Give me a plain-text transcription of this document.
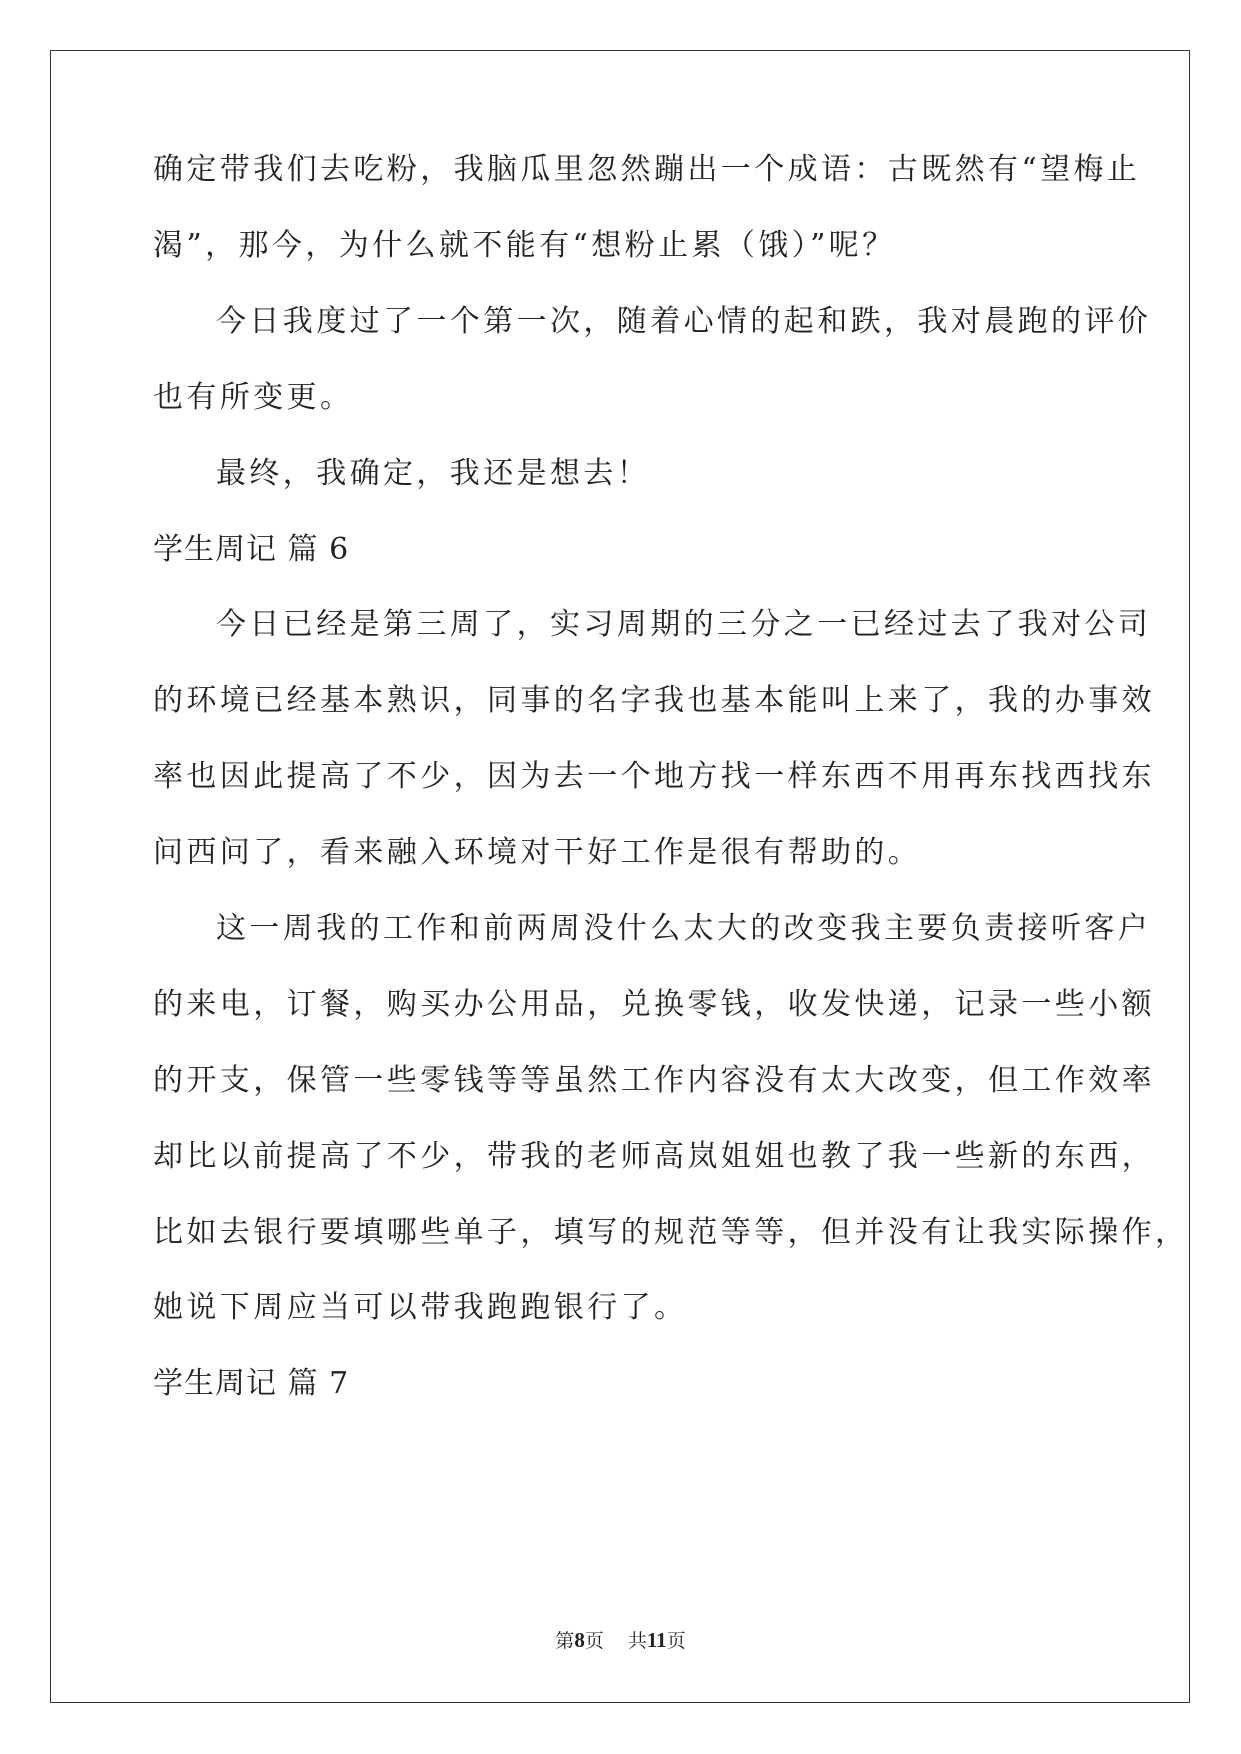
确定带我们去吃粉，我脑瓜里忽然蹦出一个成语：古既然有“望梅止
渴”，那今，为什么就不能有“想粉止累（饿）”呢？
今日我度过了一个第一次，随着心情的起和跌，我对晨跑的评价
也有所变更。
最终，我确定，我还是想去！
学生周记 篇 6
今日已经是第三周了，实习周期的三分之一已经过去了我对公司
的环境已经基本熟识，同事的名字我也基本能叫上来了，我的办事效
率也因此提高了不少，因为去一个地方找一样东西不用再东找西找东
问西问了，看来融入环境对干好工作是很有帮助的。
这一周我的工作和前两周没什么太大的改变我主要负责接听客户
的来电，订餐，购买办公用品，兑换零钱，收发快递，记录一些小额
的开支，保管一些零钱等等虽然工作内容没有太大改变，但工作效率
却比以前提高了不少，带我的老师高岚姐姐也教了我一些新的东西，
比如去银行要填哪些单子，填写的规范等等，但并没有让我实际操作，
她说下周应当可以带我跑跑银行了。
学生周记 篇 7
第8页 共11页
